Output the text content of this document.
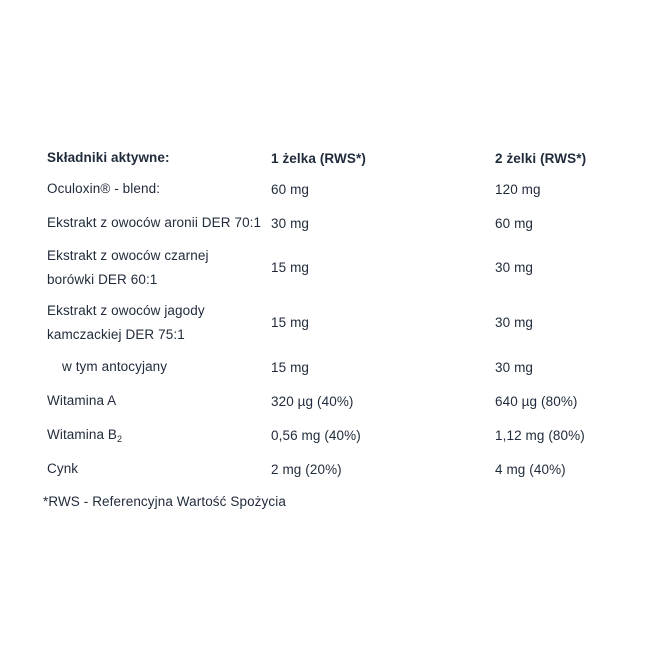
Składniki aktywne:	1 żelka (RWS*)	2 żelki (RWS*)
Oculoxin® - blend:	60 mg	120 mg
Ekstrakt z owoców aronii DER 70:1 30 mg	60 mg
Ekstrakt z owoców czarnej
borówki DER 60:1
15 mg	30 mg
Ekstrakt z owoców jagody
kamczackiej DER 75:1
15 mg	30 mg
w tym antocyjany	15 mg	30 mg
Witamina A	320 µg (40%)	640 µg (80%)
Witamina $B_2$	0,56 mg (40%)	1,12 mg (80%)
Cynk	2 mg (20%)	4 mg (40%)
*RWS - Referencyjna Wartość Spożycia
